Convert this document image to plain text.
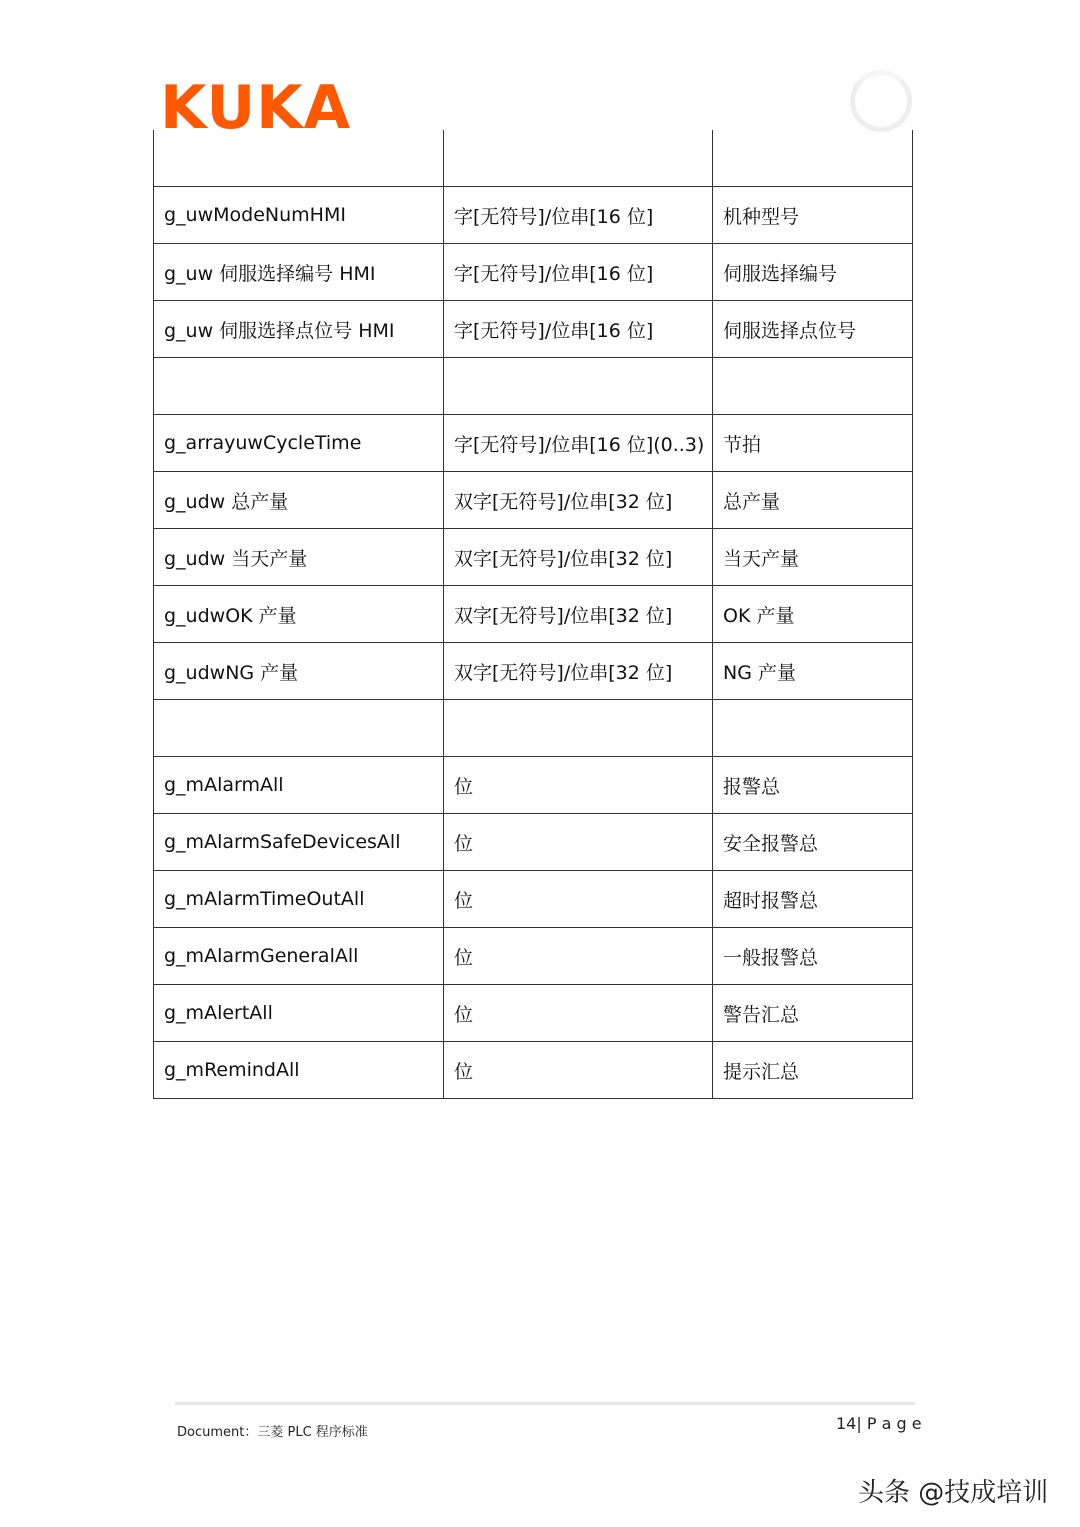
KUKA

g_uwModeNumHMI	字[无符号]/位串[16 位]	机种型号
g_uw 伺服选择编号 HMI	字[无符号]/位串[16 位]	伺服选择编号
g_uw 伺服选择点位号 HMI	字[无符号]/位串[16 位]	伺服选择点位号

g_arrayuwCycleTime	字[无符号]/位串[16 位](0..3)	节拍
g_udw 总产量	双字[无符号]/位串[32 位]	总产量
g_udw 当天产量	双字[无符号]/位串[32 位]	当天产量
g_udwOK 产量	双字[无符号]/位串[32 位]	OK 产量
g_udwNG 产量	双字[无符号]/位串[32 位]	NG 产量

g_mAlarmAll	位	报警总
g_mAlarmSafeDevicesAll	位	安全报警总
g_mAlarmTimeOutAll	位	超时报警总
g_mAlarmGeneralAll	位	一般报警总
g_mAlertAll	位	警告汇总
g_mRemindAll	位	提示汇总
Document：三菱 PLC 程序标准	14| P a g e
头条 @技成培训
